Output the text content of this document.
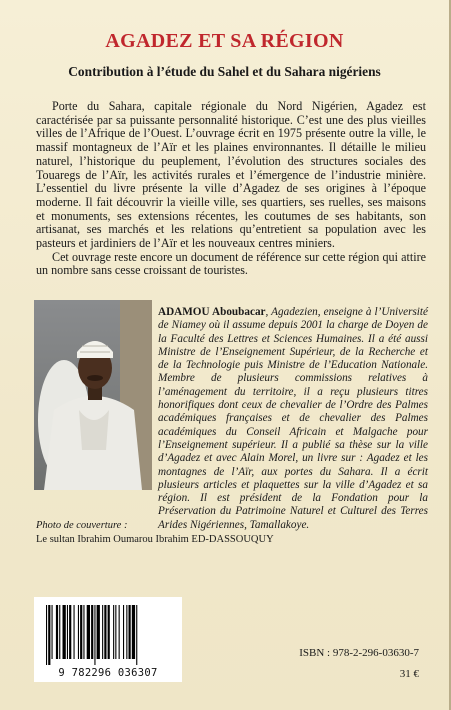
AGADEZ ET SA RÉGION
Contribution à l’étude du Sahel et du Sahara nigériens

Porte du Sahara, capitale régionale du Nord Nigérien, Agadez est caractérisée par sa puissante personnalité historique. C’est une des plus vieilles villes de l’Afrique de l’Ouest. L’ouvrage écrit en 1975 présente outre la ville, le massif montagneux de l’Aïr et les plaines environnantes. Il détaille le milieu naturel, l’historique du peuplement, l’évolution des structures sociales des Touaregs de l’Aïr, les activités rurales et l’émergence de l’industrie minière. L’essentiel du livre présente la ville d’Agadez de ses origines à l’époque moderne. Il fait découvrir la vieille ville, ses quartiers, ses ruelles, ses maisons et monuments, ses extensions récentes, les coutumes de ses habitants, son artisanat, ses marchés et les relations qu’entretient sa population avec les pasteurs et jardiniers de l’Aïr et les nouveaux centres miniers.

Cet ouvrage reste encore un document de référence sur cette région qui attire un nombre sans cesse croissant de touristes.

ADAMOU Aboubacar, Agadezien, enseigne à l’Université de Niamey où il assume depuis 2001 la charge de Doyen de la Faculté des Lettres et Sciences Humaines. Il a été aussi Ministre de l’Enseignement Supérieur, de la Recherche et de la Technologie puis Ministre de l’Education Nationale. Membre de plusieurs commissions relatives à l’aménagement du territoire, il a reçu plusieurs titres honorifiques dont ceux de chevalier de l’Ordre des Palmes académiques françaises et de chevalier des Palmes académiques du Conseil Africain et Malgache pour l’Enseignement supérieur. Il a publié sa thèse sur la ville d’Agadez et avec Alain Morel, un livre sur : Agadez et les montagnes de l’Aïr, aux portes du Sahara. Il a écrit plusieurs articles et plaquettes sur la ville d’Agadez et sa région. Il est président de la Fondation pour la Préservation du Patrimoine Naturel et Culturel des Terres Arides Nigériennes, Tamallakoye.
Photo de couverture :
Le sultan Ibrahim Oumarou Ibrahim ED-DASSOUQUY
9 782296 036307
ISBN : 978-2-296-03630-7
31 €
